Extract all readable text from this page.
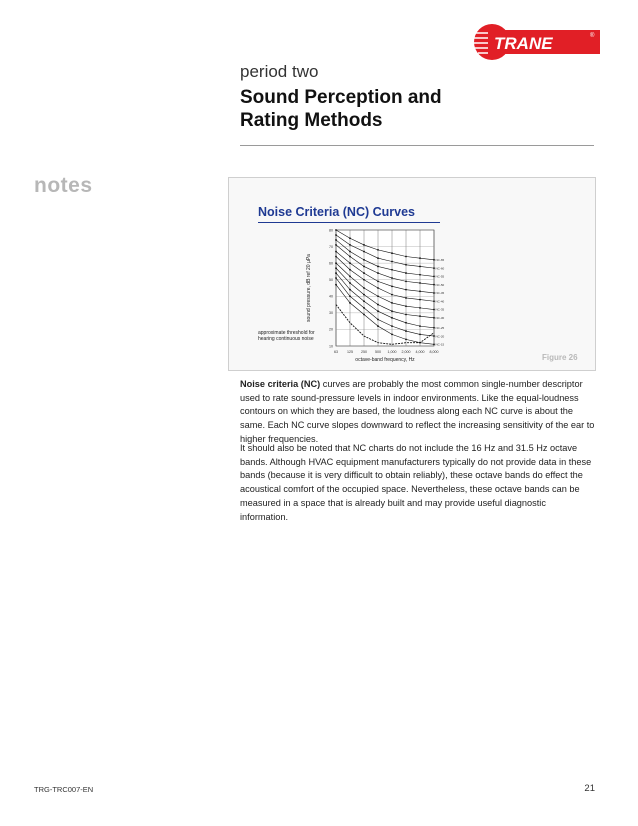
TRANE	®
period two
Sound Perception and
Rating Methods
notes
Noise Criteria (NC) Curves
approximate threshold for hearing continuous noise
63	125 250 500 1,000 2,000 4,000 8,000
10
20
30
40
50
60
70
80
NC-15
NC-20
NC-25
NC-30
NC-35
NC-40
NC-45
NC-50
NC-55
NC-60
NC-65
octave-band frequency, Hz
sound pressure, dB ref 20 µPa
Figure 26
Noise criteria (NC) curves are probably the most common single-number descriptor used to rate sound-pressure levels in indoor environments. Like the equal-loudness contours on which they are based, the loudness along each NC curve is about the same. Each NC curve slopes downward to reflect the increasing sensitivity of the ear to higher frequencies.
It should also be noted that NC charts do not include the 16 Hz and 31.5 Hz octave bands. Although HVAC equipment manufacturers typically do not provide data in these bands (because it is very difficult to obtain reliably), these octave bands do effect the acoustical comfort of the occupied space. Nevertheless, these octave bands can be measured in a space that is already built and may provide useful diagnostic information.
TRG-TRC007-EN	21
